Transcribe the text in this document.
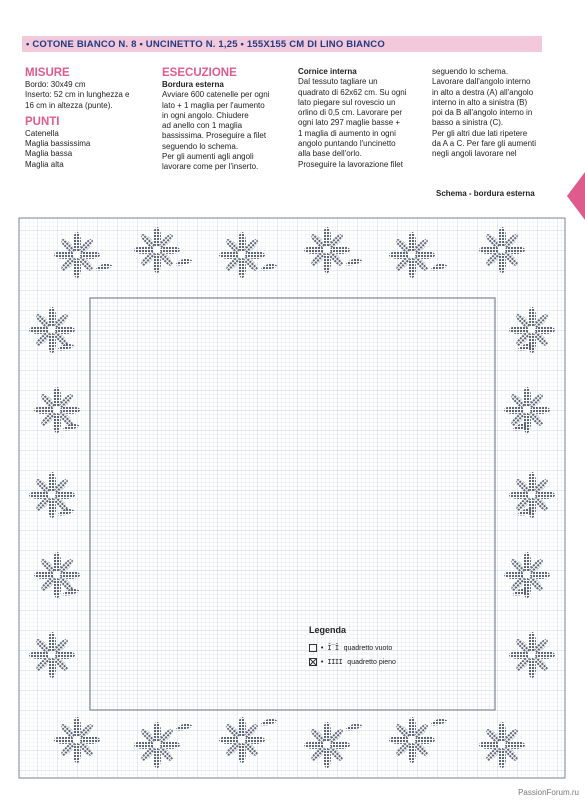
• COTONE BIANCO N. 8 • UNCINETTO N. 1,25 • 155X155 CM DI LINO BIANCO
MISURE

Bordo: 30x49 cm

Inserto: 52 cm in lunghezza e

16 cm in altezza (punte).

PUNTI

Catenella

Maglia bassissima

Maglia bassa

Maglia alta

ESECUZIONE

Bordura esterna

Avviare 600 catenelle per ogni

lato + 1 maglia per l'aumento

in ogni angolo. Chiudere

ad anello con 1 maglia

bassissima. Proseguire a filet

seguendo lo schema.

Per gli aumenti agli angoli

lavorare come per l'inserto.

Cornice interna

Dal tessuto tagliare un

quadrato di 62x62 cm. Su ogni

lato piegare sul rovescio un

orlino di 0,5 cm. Lavorare per

ogni lato 297 maglie basse +

1 maglia di aumento in ogni

angolo puntando l'uncinetto

alla base dell'orlo.

Proseguire la lavorazione filet

seguendo lo schema.

Lavorare dall'angolo interno

in alto a destra (A) all'angolo

interno in alto a sinistra (B)

poi da B all'angolo interno in

basso a sinistra (C).

Per gli altri due lati ripetere

da A a C. Per fare gli aumenti

negli angoli lavorare nel

Schema - bordura esterna
Legenda
• Ī‾Ī quadretto vuoto
• IIII quadretto pieno
PassionForum.ru
